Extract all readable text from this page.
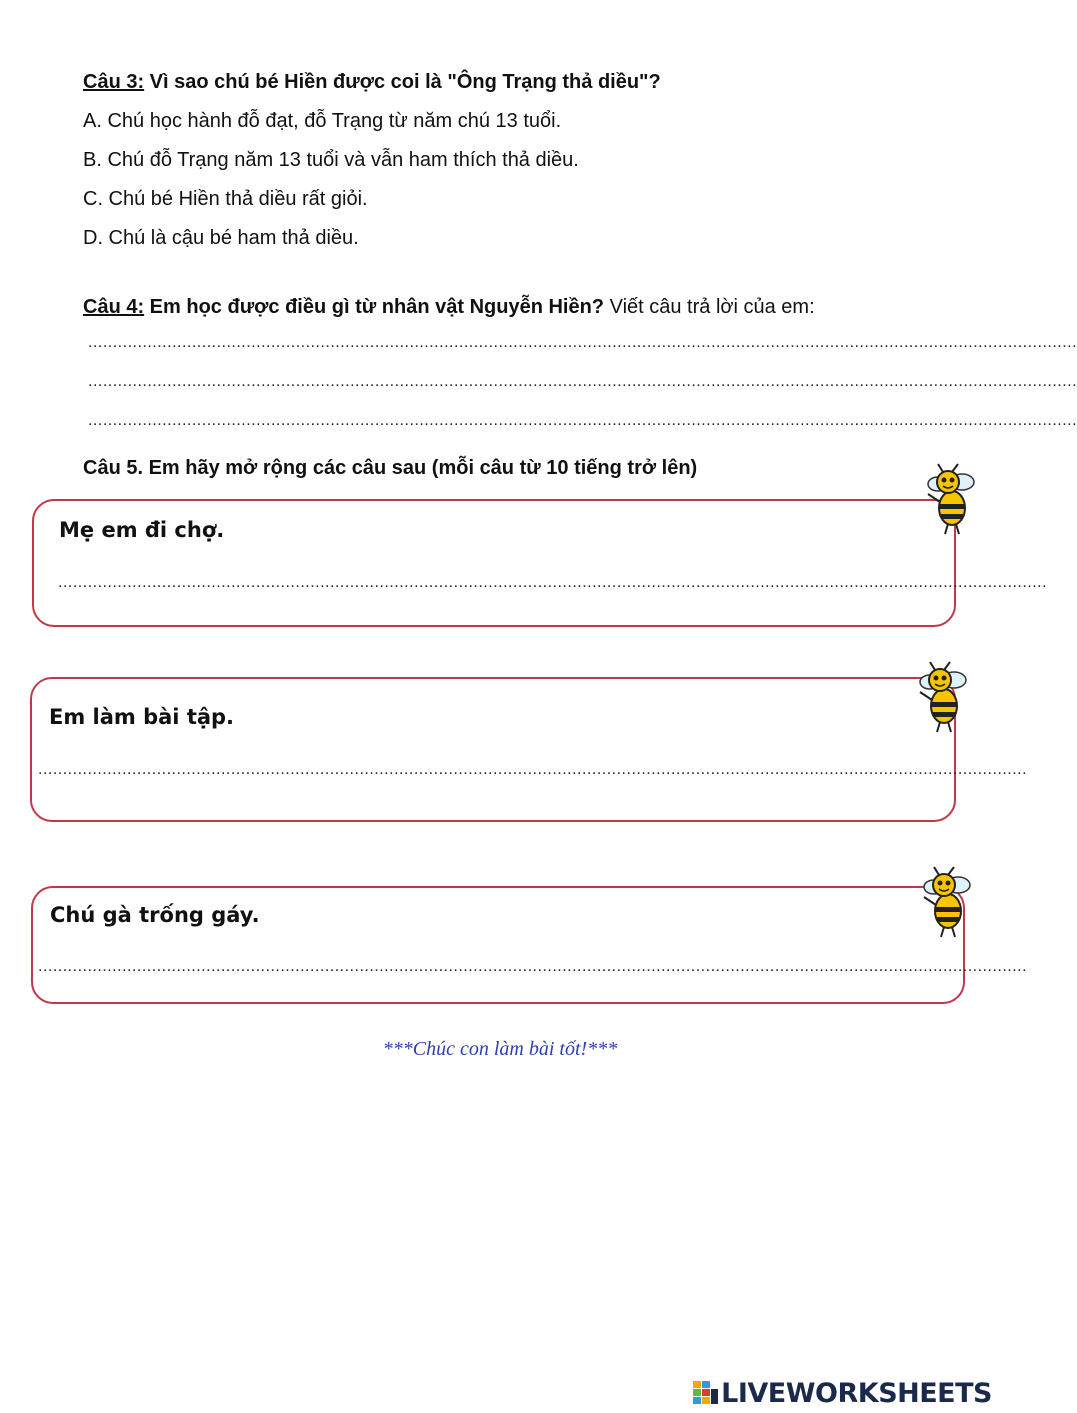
Câu 3: Vì sao chú bé Hiền được coi là "Ông Trạng thả diều"?
A. Chú học hành đỗ đạt, đỗ Trạng từ năm chú 13 tuổi.
B. Chú đỗ Trạng năm 13 tuổi và vẫn ham thích thả diều.
C. Chú bé Hiền thả diều rất giỏi.
D. Chú là cậu bé ham thả diều.
Câu 4: Em học được điều gì từ nhân vật Nguyễn Hiền? Viết câu trả lời của em:
........................................................................................................................................................................................................
........................................................................................................................................................................................................
........................................................................................................................................................................................................
Câu 5. Em hãy mở rộng các câu sau (mỗi câu từ 10 tiếng trở lên)
Mẹ em đi chợ.
........................................................................................................................................................................................................
Em làm bài tập.
........................................................................................................................................................................................................
Chú gà trống gáy.
........................................................................................................................................................................................................
***Chúc con làm bài tốt!***
LIVEWORKSHEETS
